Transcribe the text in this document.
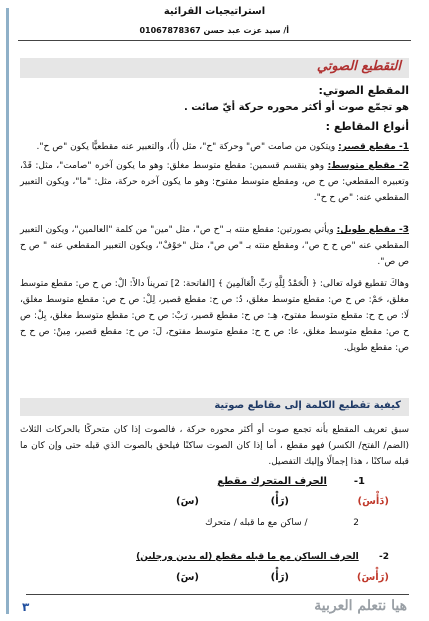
استراتيجيات القرائية
أ/ سيد عزت عبد حسن 01067878367
التقطيع الصوتي
المقطع الصوتي:
هو تجمّع صوت أو أكثر محوره حركة أيّ صائت .
أنواع المقاطع :
1- مقطع قصير: ويتكون من صامت "ص" وحركة "ح"، مثل (أَ)، والتعبير عنه مقطعيًّا يكون "ص ح".
2- مقطع متوسط: وهو ينقسم قسمين: مقطع متوسط مغلق: وهو ما يكون آخره "صامت"، مثل: قَدْ، وتعبيره المقطعي: ص ح ص، ومقطع متوسط مفتوح: وهو ما يكون آخره حركة، مثل: "ما"، ويكون التعبير المقطعي عنه: "ص ح ح".
3- مقطع طويل: ويأتي بصورتين: مقطع منته بـ "ح ص"، مثل "مين" من كلمة "العالمين"، ويكون التعبير المقطعي عنه "ص ح ح ص"، ومقطع منته بـ "ص ص"، مثل "خوْفْ"، ويكون التعبير المقطعي عنه " ص ح ص ص".
وهاكَ تقطيع قوله تعالى: ﴿ الْحَمْدُ لِلَّهِ رَبِّ الْعَالَمِينَ ﴾ [الفاتحة: 2] تمريناً دالاً: الْ: ص ح ص: مقطع متوسط مغلق، حَمْ: ص ح ص: مقطع متوسط مغلق، دُ: ص ح: مقطع قصير، لِلْ: ص ح ص: مقطع متوسط مغلق، لَا: ص ح ح: مقطع متوسط مفتوح، هِـ: ص ح: مقطع قصير، رَبْ: ص ح ص: مقطع متوسط مغلق، بِلْ: ص ح ص: مقطع متوسط مغلق، عا: ص ح ح: مقطع متوسط مفتوح، لَ: ص ح: مقطع قصير، مِينْ: ص ح ح ص: مقطع طويل.
كيفية تقطيع الكلمة إلى مقاطع صوتية
سبق تعريف المقطع بأنه تجمع صوت أو أكثر محوره حركة ، فالصوت إذا كان متحركًا بالحركات الثلاث (الضم/ الفتح/ الكسر) فهو مقطع ، أما إذا كان الصوت ساكنًا فيلحق بالصوت الذي قبله حتى وإن كان ما قبله ساكنًا ، هذا إجمالًا وإليك التفصيل.
1-  الحرف المتحرك مقطع
(دَأْسَ)
(رَأْ)
(سَ)
2  / ساكن مع ما قبله / متحرك
2-  الحرف الساكن مع ما قبله مقطع (له يدين ورجلين)
(رَأْسَ)
(رَأْ)
(سَ)
٣	هيا نتعلم العربية
